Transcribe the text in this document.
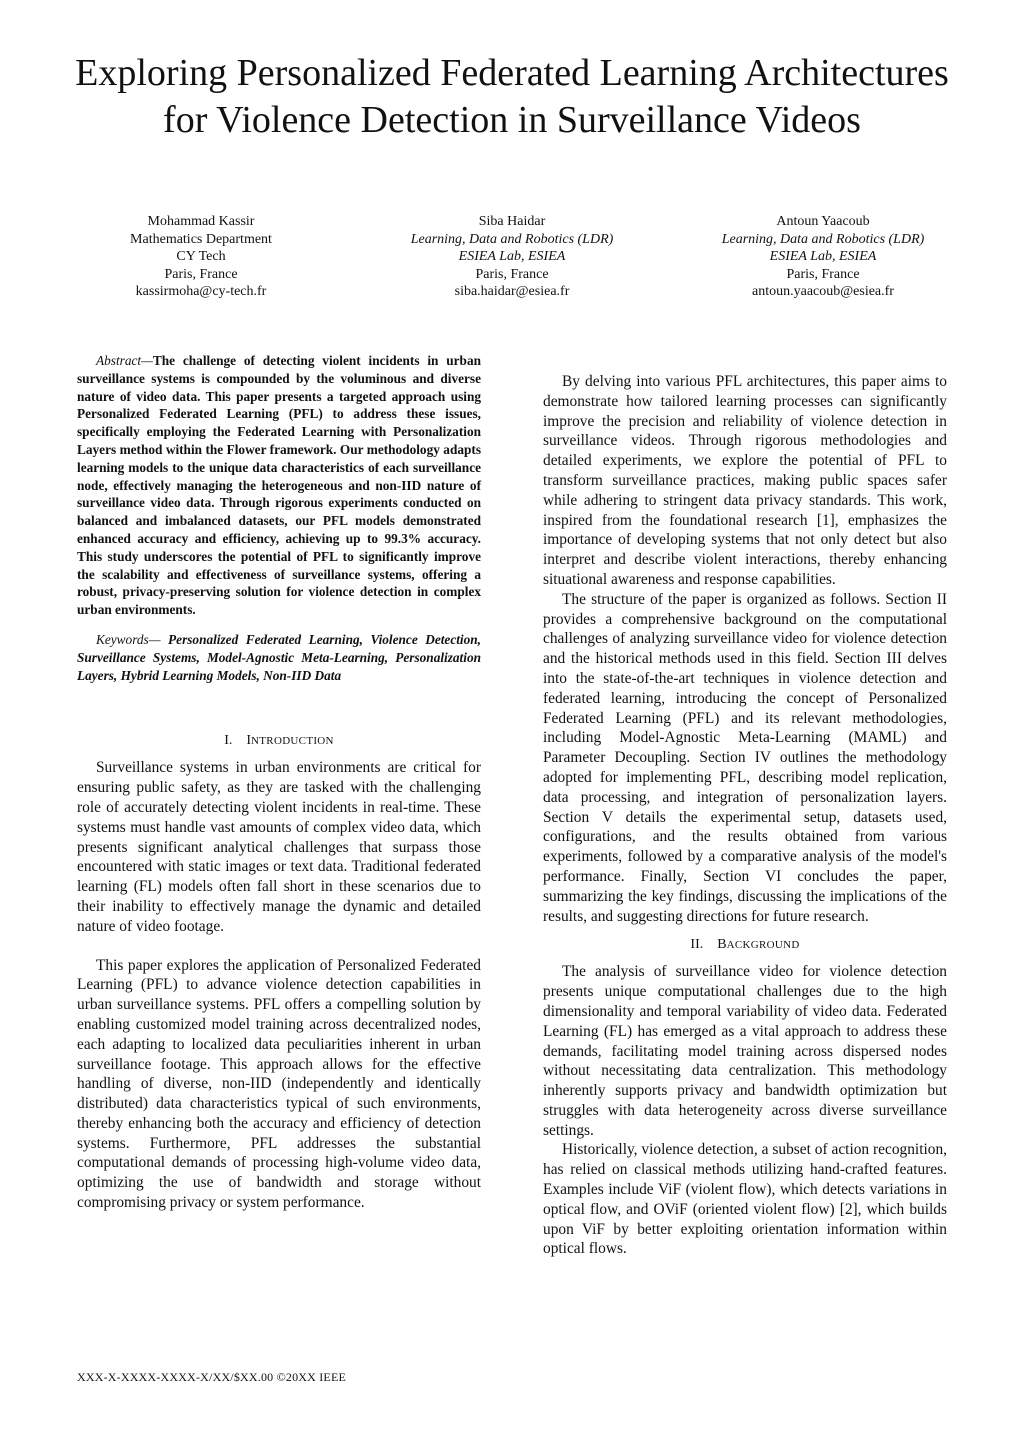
Exploring Personalized Federated Learning Architectures for Violence Detection in Surveillance Videos
Mohammad Kassir
Mathematics Department
CY Tech
Paris, France
kassirmoha@cy-tech.fr
Siba Haidar
Learning, Data and Robotics (LDR)
ESIEA Lab, ESIEA
Paris, France
siba.haidar@esiea.fr
Antoun Yaacoub
Learning, Data and Robotics (LDR)
ESIEA Lab, ESIEA
Paris, France
antoun.yaacoub@esiea.fr

Abstract—The challenge of detecting violent incidents in urban surveillance systems is compounded by the voluminous and diverse nature of video data. This paper presents a targeted approach using Personalized Federated Learning (PFL) to address these issues, specifically employing the Federated Learning with Personalization Layers method within the Flower framework. Our methodology adapts learning models to the unique data characteristics of each surveillance node, effectively managing the heterogeneous and non-IID nature of surveillance video data. Through rigorous experiments conducted on balanced and imbalanced datasets, our PFL models demonstrated enhanced accuracy and efficiency, achieving up to 99.3% accuracy. This study underscores the potential of PFL to significantly improve the scalability and effectiveness of surveillance systems, offering a robust, privacy-preserving solution for violence detection in complex urban environments.

Keywords— Personalized Federated Learning, Violence Detection, Surveillance Systems, Model-Agnostic Meta-Learning, Personalization Layers, Hybrid Learning Models, Non-IID Data

I. INTRODUCTION

Surveillance systems in urban environments are critical for ensuring public safety, as they are tasked with the challenging role of accurately detecting violent incidents in real-time. These systems must handle vast amounts of complex video data, which presents significant analytical challenges that surpass those encountered with static images or text data. Traditional federated learning (FL) models often fall short in these scenarios due to their inability to effectively manage the dynamic and detailed nature of video footage.

This paper explores the application of Personalized Federated Learning (PFL) to advance violence detection capabilities in urban surveillance systems. PFL offers a compelling solution by enabling customized model training across decentralized nodes, each adapting to localized data peculiarities inherent in urban surveillance footage. This approach allows for the effective handling of diverse, non-IID (independently and identically distributed) data characteristics typical of such environments, thereby enhancing both the accuracy and efficiency of detection systems. Furthermore, PFL addresses the substantial computational demands of processing high-volume video data, optimizing the use of bandwidth and storage without compromising privacy or system performance.

By delving into various PFL architectures, this paper aims to demonstrate how tailored learning processes can significantly improve the precision and reliability of violence detection in surveillance videos. Through rigorous methodologies and detailed experiments, we explore the potential of PFL to transform surveillance practices, making public spaces safer while adhering to stringent data privacy standards. This work, inspired from the foundational research [1], emphasizes the importance of developing systems that not only detect but also interpret and describe violent interactions, thereby enhancing situational awareness and response capabilities.

The structure of the paper is organized as follows. Section II provides a comprehensive background on the computational challenges of analyzing surveillance video for violence detection and the historical methods used in this field. Section III delves into the state-of-the-art techniques in violence detection and federated learning, introducing the concept of Personalized Federated Learning (PFL) and its relevant methodologies, including Model-Agnostic Meta-Learning (MAML) and Parameter Decoupling. Section IV outlines the methodology adopted for implementing PFL, describing model replication, data processing, and integration of personalization layers. Section V details the experimental setup, datasets used, configurations, and the results obtained from various experiments, followed by a comparative analysis of the model's performance. Finally, Section VI concludes the paper, summarizing the key findings, discussing the implications of the results, and suggesting directions for future research.

II. BACKGROUND

The analysis of surveillance video for violence detection presents unique computational challenges due to the high dimensionality and temporal variability of video data. Federated Learning (FL) has emerged as a vital approach to address these demands, facilitating model training across dispersed nodes without necessitating data centralization. This methodology inherently supports privacy and bandwidth optimization but struggles with data heterogeneity across diverse surveillance settings.

Historically, violence detection, a subset of action recognition, has relied on classical methods utilizing hand-crafted features. Examples include ViF (violent flow), which detects variations in optical flow, and OViF (oriented violent flow) [2], which builds upon ViF by better exploiting orientation information within optical flows.

XXX-X-XXXX-XXXX-X/XX/$XX.00 ©20XX IEEE
